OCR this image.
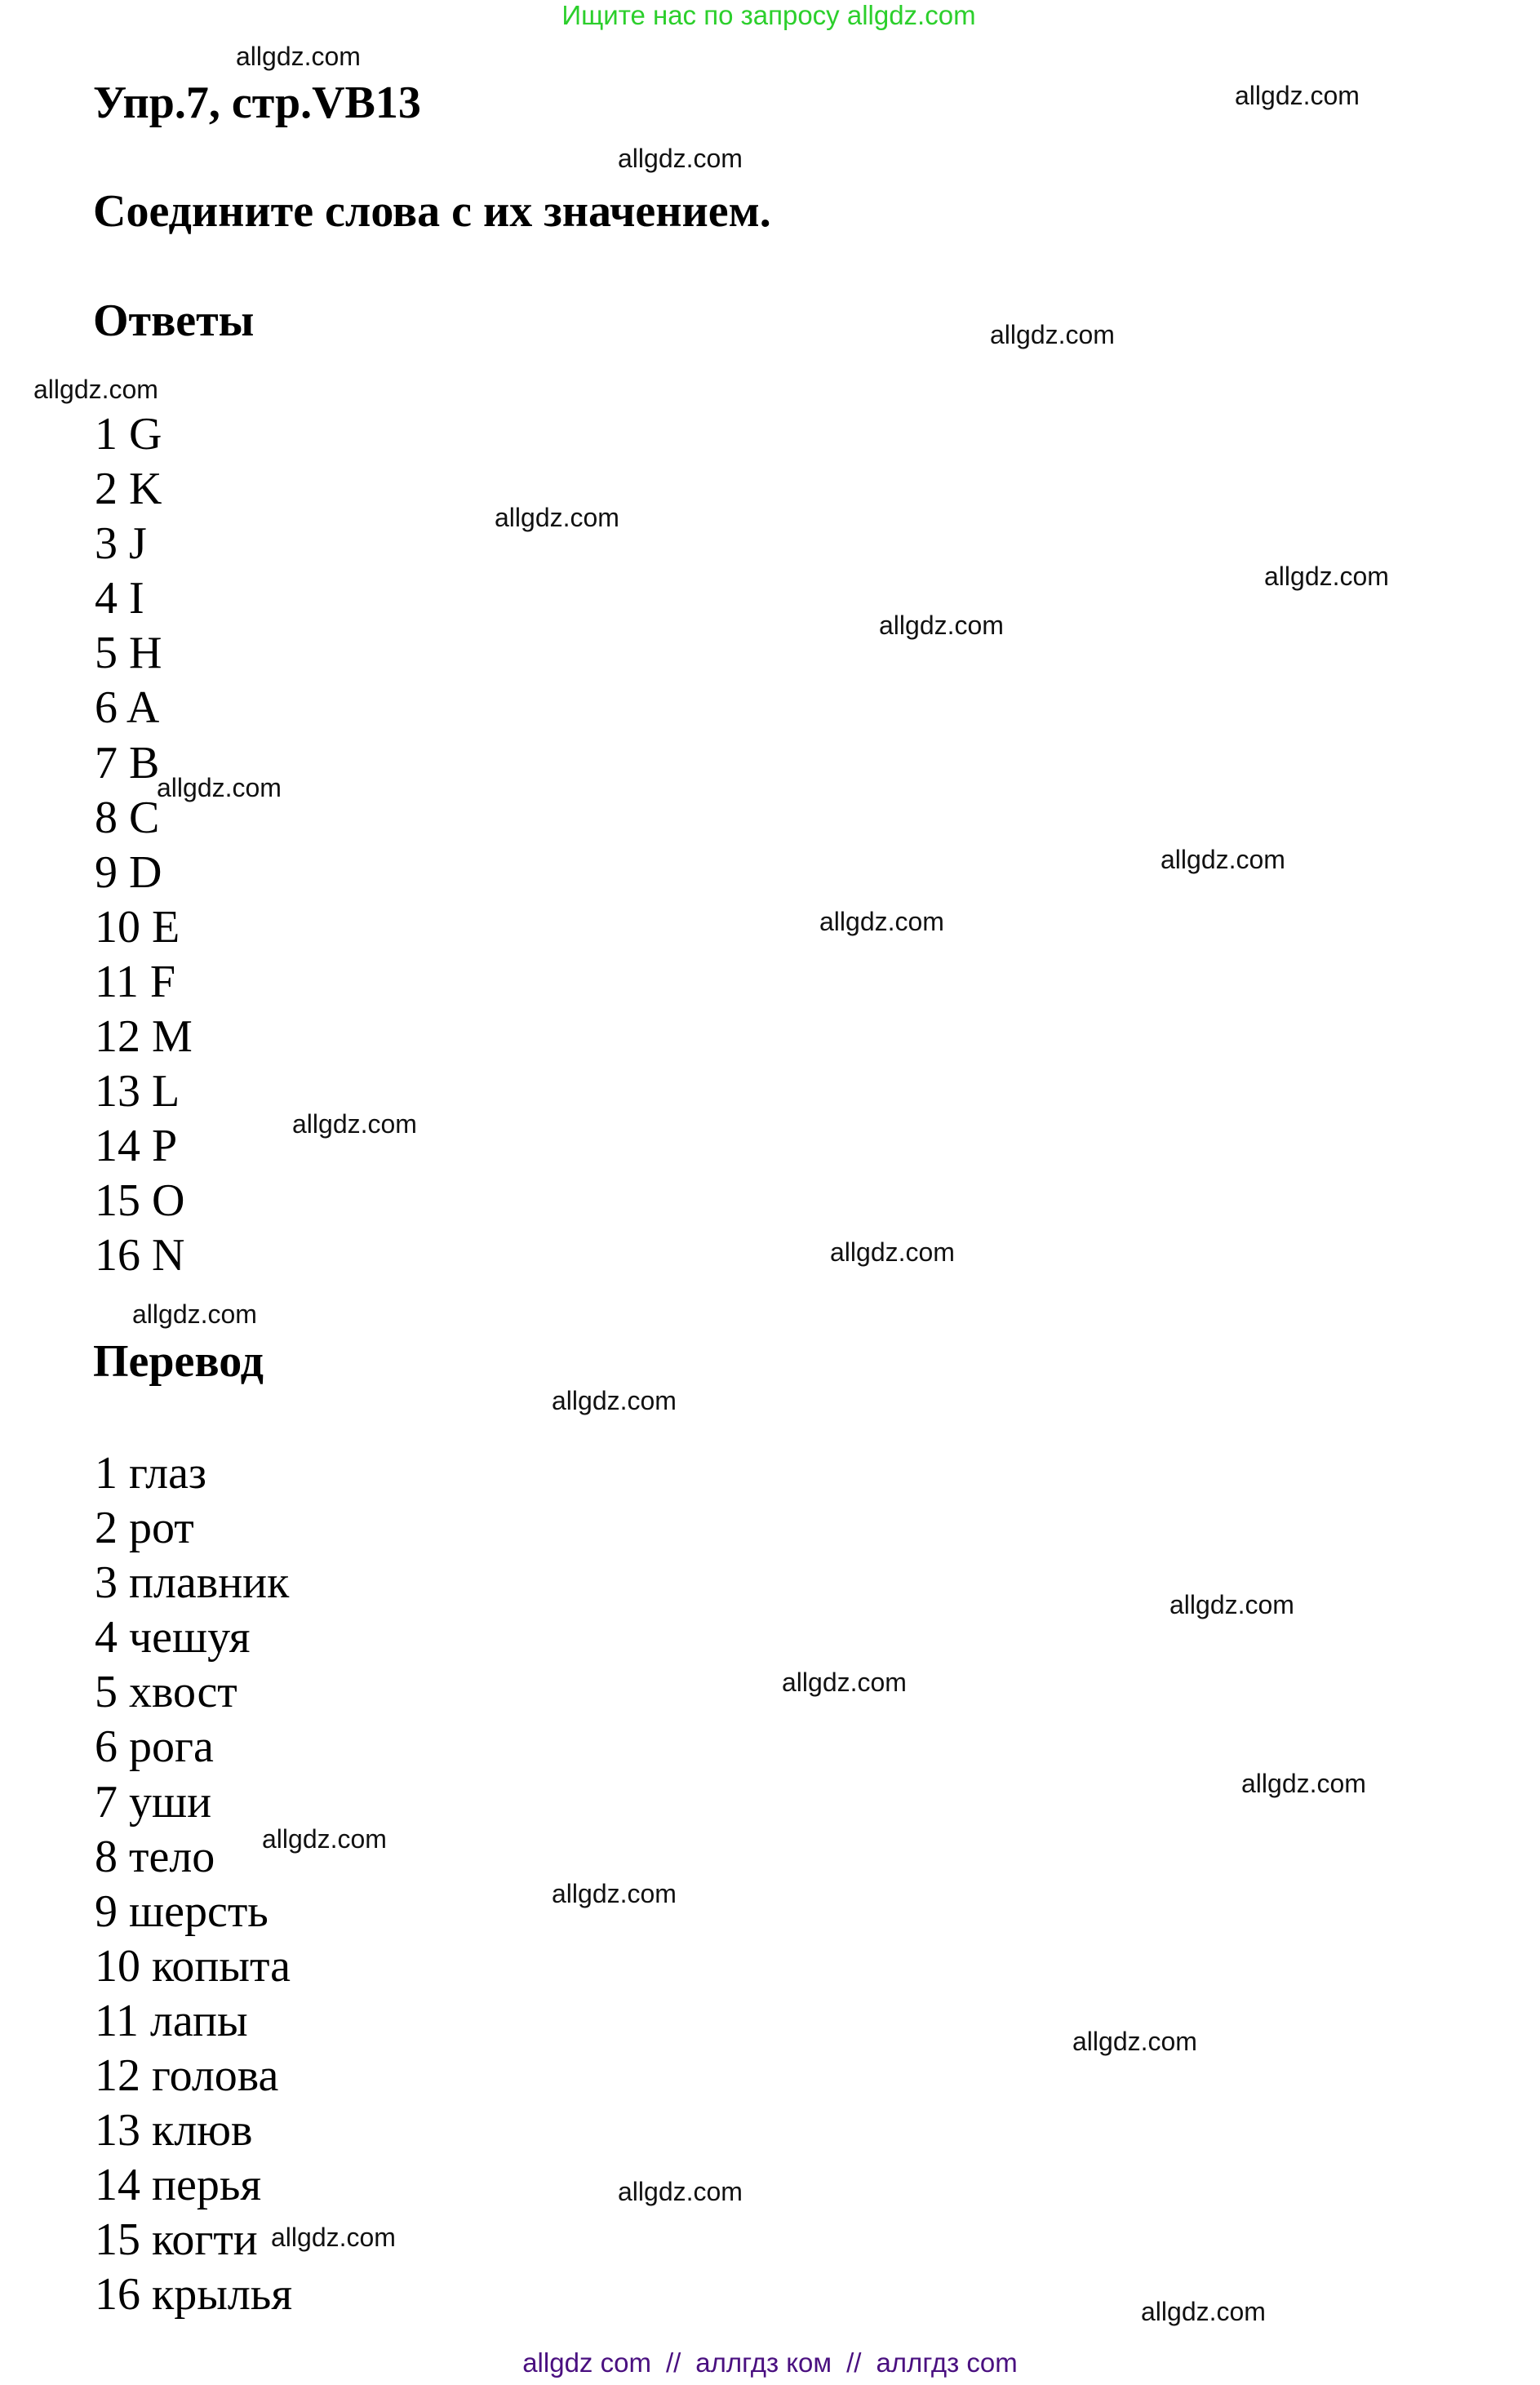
Ищите нас по запросу allgdz.com
Упр.7, стр.VB13
Соедините слова с их значением.
Ответы
1 G
2 K
3 J
4 I
5 H
6 A
7 B
8 C
9 D
10 E
11 F
12 M
13 L
14 P
15 O
16 N
Перевод
1 глаз
2 рот
3 плавник
4 чешуя
5 хвост
6 рога
7 уши
8 тело
9 шерсть
10 копыта
11 лапы
12 голова
13 клюв
14 перья
15 когти
16 крылья
allgdz.com
allgdz.com
allgdz.com
allgdz.com
allgdz.com
allgdz.com
allgdz.com
allgdz.com
allgdz.com
allgdz.com
allgdz.com
allgdz.com
allgdz.com
allgdz.com
allgdz.com
allgdz.com
allgdz.com
allgdz.com
allgdz.com
allgdz.com
allgdz.com
allgdz.com
allgdz.com
allgdz.com
allgdz com // аллгдз ком // аллгдз com
